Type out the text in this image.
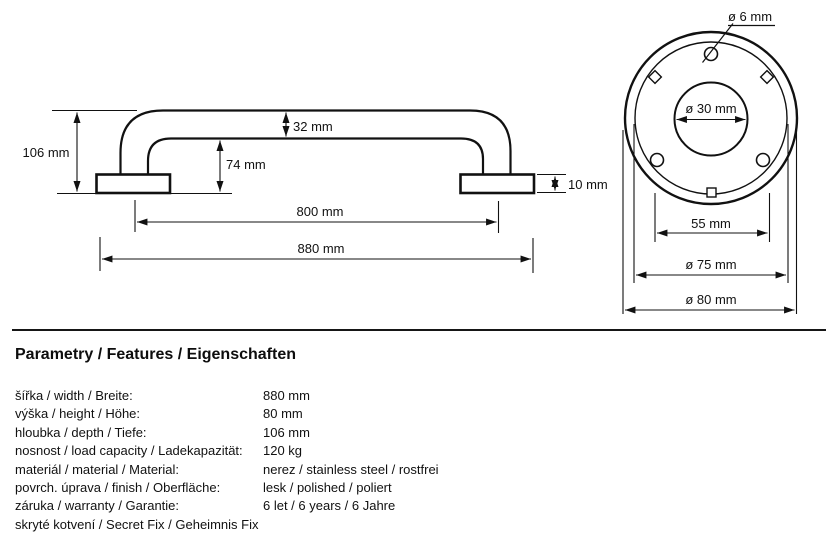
106 mm
32 mm
74 mm
10 mm
800 mm
880 mm
ø 6 mm
ø 30 mm
55 mm
ø 75 mm
ø 80 mm
Parametry / Features / Eigenschaften
šířka / width / Breite:	880 mm
výška / height / Höhe:	80 mm
hloubka / depth / Tiefe:	106 mm
nosnost / load capacity / Ladekapazität:	120 kg
materiál / material / Material:	nerez / stainless steel / rostfrei
povrch. úprava / finish / Oberfläche:	lesk / polished / poliert
záruka / warranty / Garantie:	6 let / 6 years / 6 Jahre
skryté kotvení / Secret Fix / Geheimnis Fix
